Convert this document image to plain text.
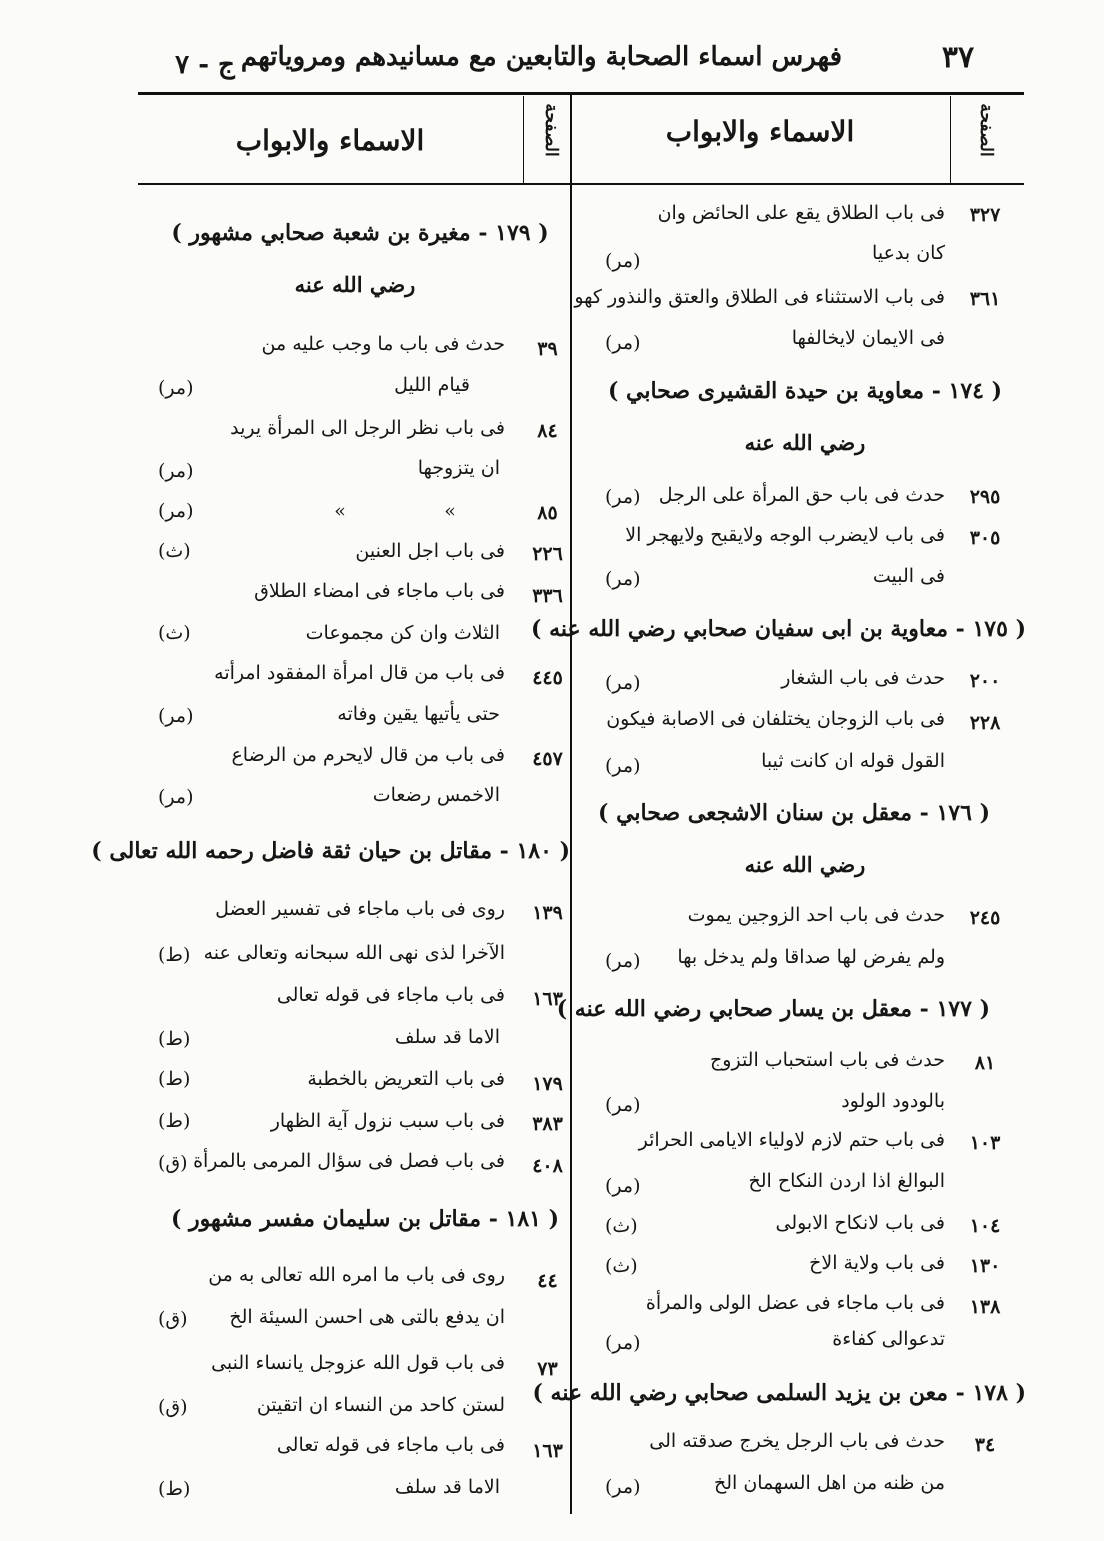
٣٧
فهرس اسماء الصحابة والتابعين مع مسانيدهم ومروياتهم
ج - ٧
الصفحة
الاسماء والابواب
الصفحة
الاسماء والابواب
٣٢٧
فى باب الطلاق يقع على الحائض وان
كان بدعيا
(مر)
٣٦١
فى باب الاستثناء فى الطلاق والعتق والنذور كهو
فى الايمان لايخالفها
(مر)
( ١٧٤ - معاوية بن حيدة القشيرى صحابي )
رضي الله عنه
٢٩٥
حدث فى باب حق المرأة على الرجل
(مر)
٣٠٥
فى باب لايضرب الوجه ولايقبح ولايهجر الا
فى البيت
(مر)
( ١٧٥ - معاوية بن ابى سفيان صحابي رضي الله عنه )
٢٠٠
حدث فى باب الشغار
(مر)
٢٢٨
فى باب الزوجان يختلفان فى الاصابة فيكون
القول قوله ان كانت ثيبا
(مر)
( ١٧٦ - معقل بن سنان الاشجعى صحابي )
رضي الله عنه
٢٤٥
حدث فى باب احد الزوجين يموت
ولم يفرض لها صداقا ولم يدخل بها
(مر)
( ١٧٧ - معقل بن يسار صحابي رضي الله عنه )
٨١
حدث فى باب استحباب التزوج
بالودود الولود
(مر)
١٠٣
فى باب حتم لازم لاولياء الايامى الحرائر
البوالغ اذا اردن النكاح الخ
(مر)
١٠٤
فى باب لانكاح الابولى
(ث)
١٣٠
فى باب ولاية الاخ
(ث)
١٣٨
فى باب ماجاء فى عضل الولى والمرأة
تدعوالى كفاءة
(مر)
( ١٧٨ - معن بن يزيد السلمى صحابي رضي الله عنه )
٣٤
حدث فى باب الرجل يخرج صدقته الى
من ظنه من اهل السهمان الخ
(مر)
( ١٧٩ - مغيرة بن شعبة صحابي مشهور )
رضي الله عنه
٣٩
حدث فى باب ما وجب عليه من
قيام الليل
(مر)
٨٤
فى باب نظر الرجل الى المرأة يريد
ان يتزوجها
(مر)
٨٥
»
»
(مر)
٢٢٦
فى باب اجل العنين
(ث)
٣٣٦
فى باب ماجاء فى امضاء الطلاق
الثلاث وان كن مجموعات
(ث)
٤٤٥
فى باب من قال امرأة المفقود امرأته
حتى يأتيها يقين وفاته
(مر)
٤٥٧
فى باب من قال لايحرم من الرضاع
الاخمس رضعات
(مر)
( ١٨٠ - مقاتل بن حيان ثقة فاضل رحمه الله تعالى )
١٣٩
روى فى باب ماجاء فى تفسير العضل
الآخرا لذى نهى الله سبحانه وتعالى عنه
(ط)
١٦٣
فى باب ماجاء فى قوله تعالى
الاما قد سلف
(ط)
١٧٩
فى باب التعريض بالخطبة
(ط)
٣٨٣
فى باب سبب نزول آية الظهار
(ط)
٤٠٨
فى باب فصل فى سؤال المرمى بالمرأة
(ق)
( ١٨١ - مقاتل بن سليمان مفسر مشهور )
٤٤
روى فى باب ما امره الله تعالى به من
ان يدفع بالتى هى احسن السيئة الخ
(ق)
٧٣
فى باب قول الله عزوجل يانساء النبى
لستن كاحد من النساء ان اتقيتن
(ق)
١٦٣
فى باب ماجاء فى قوله تعالى
الاما قد سلف
(ط)
